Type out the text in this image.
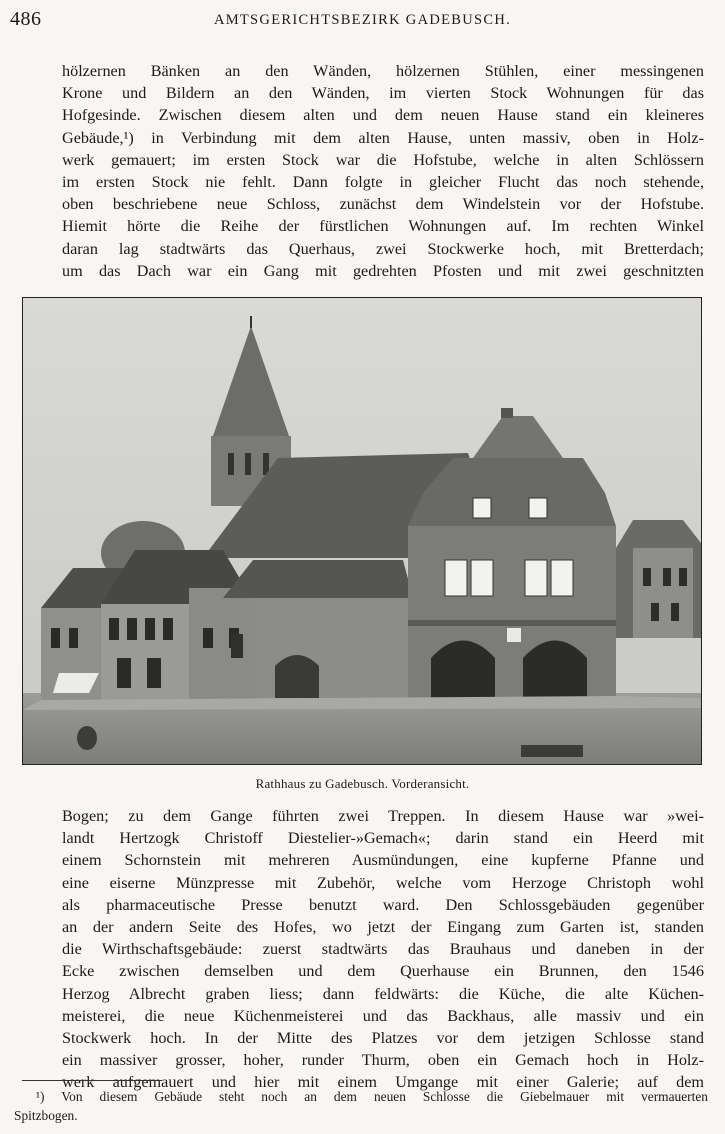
486	AMTSGERICHTSBEZIRK GADEBUSCH.
hölzernen Bänken an den Wänden, hölzernen Stühlen, einer messingenen
Krone und Bildern an den Wänden, im vierten Stock Wohnungen für das
Hofgesinde. Zwischen diesem alten und dem neuen Hause stand ein kleineres
Gebäude,¹) in Verbindung mit dem alten Hause, unten massiv, oben in Holz-
werk gemauert; im ersten Stock war die Hofstube, welche in alten Schlössern
im ersten Stock nie fehlt. Dann folgte in gleicher Flucht das noch stehende,
oben beschriebene neue Schloss, zunächst dem Windelstein vor der Hofstube.
Hiemit hörte die Reihe der fürstlichen Wohnungen auf. Im rechten Winkel
daran lag stadtwärts das Querhaus, zwei Stockwerke hoch, mit Bretterdach;
um das Dach war ein Gang mit gedrehten Pfosten und mit zwei geschnitzten
Rathhaus zu Gadebusch. Vorderansicht.
Bogen; zu dem Gange führten zwei Treppen. In diesem Hause war »wei-
landt Hertzogk Christoff Diestelier-»Gemach«; darin stand ein Heerd mit
einem Schornstein mit mehreren Ausmündungen, eine kupferne Pfanne und
eine eiserne Münzpresse mit Zubehör, welche vom Herzoge Christoph wohl
als pharmaceutische Presse benutzt ward. Den Schlossgebäuden gegenüber
an der andern Seite des Hofes, wo jetzt der Eingang zum Garten ist, standen
die Wirthschaftsgebäude: zuerst stadtwärts das Brauhaus und daneben in der
Ecke zwischen demselben und dem Querhause ein Brunnen, den 1546
Herzog Albrecht graben liess; dann feldwärts: die Küche, die alte Küchen-
meisterei, die neue Küchenmeisterei und das Backhaus, alle massiv und ein
Stockwerk hoch. In der Mitte des Platzes vor dem jetzigen Schlosse stand
ein massiver grosser, hoher, runder Thurm, oben ein Gemach hoch in Holz-
werk aufgemauert und hier mit einem Umgange mit einer Galerie; auf dem
¹) Von diesem Gebäude steht noch an dem neuen Schlosse die Giebelmauer mit vermauerten
Spitzbogen.
